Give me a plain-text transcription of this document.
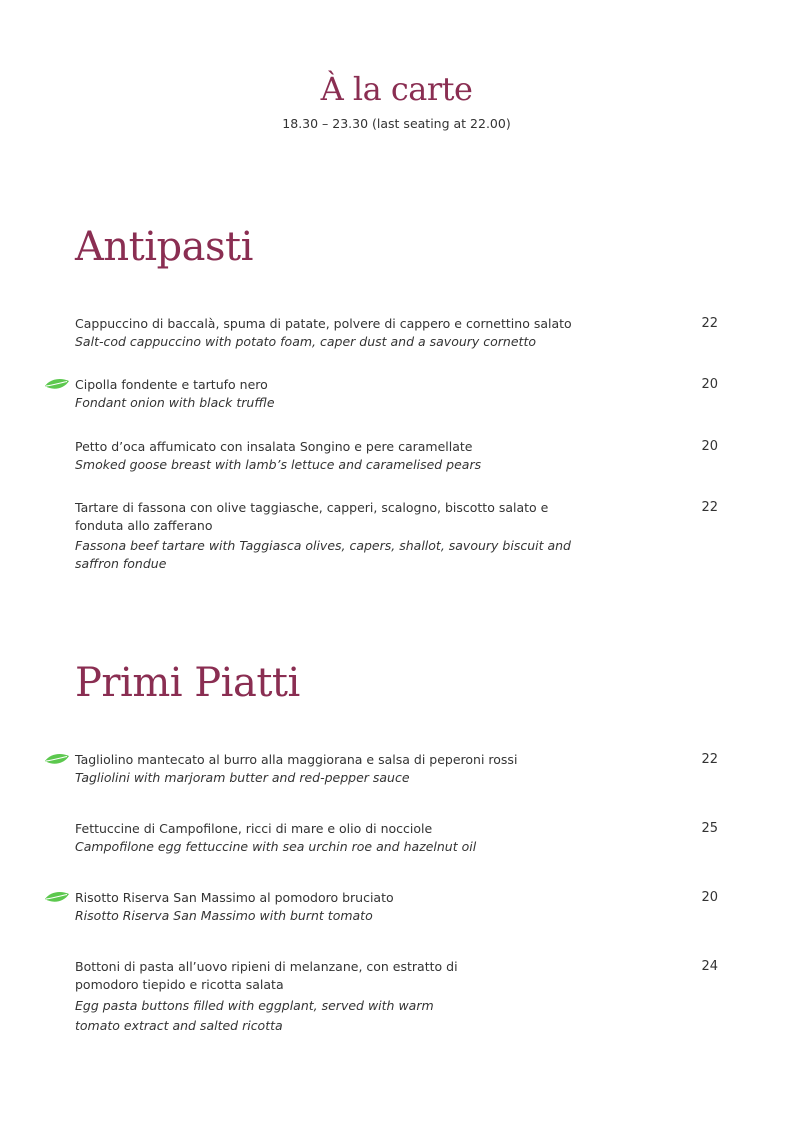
À la carte
18.30 – 23.30 (last seating at 22.00)
Antipasti
Cappuccino di baccalà, spuma di patate, polvere di cappero e cornettino salato
Salt-cod cappuccino with potato foam, caper dust and a savoury cornetto
22
Cipolla fondente e tartufo nero
Fondant onion with black truffle
20
Petto d’oca affumicato con insalata Songino e pere caramellate
Smoked goose breast with lamb’s lettuce and caramelised pears
20
Tartare di fassona con olive taggiasche, capperi, scalogno, biscotto salato e fonduta allo zafferano
Fassona beef tartare with Taggiasca olives, capers, shallot, savoury biscuit and saffron fondue
22
Primi Piatti
Tagliolino mantecato al burro alla maggiorana e salsa di peperoni rossi
Tagliolini with marjoram butter and red-pepper sauce
22
Fettuccine di Campofilone, ricci di mare e olio di nocciole
Campofilone egg fettuccine with sea urchin roe and hazelnut oil
25
Risotto Riserva San Massimo al pomodoro bruciato
Risotto Riserva San Massimo with burnt tomato
20
Bottoni di pasta all’uovo ripieni di melanzane, con estratto di pomodoro tiepido e ricotta salata
Egg pasta buttons filled with eggplant, served with warm tomato extract and salted ricotta
24
